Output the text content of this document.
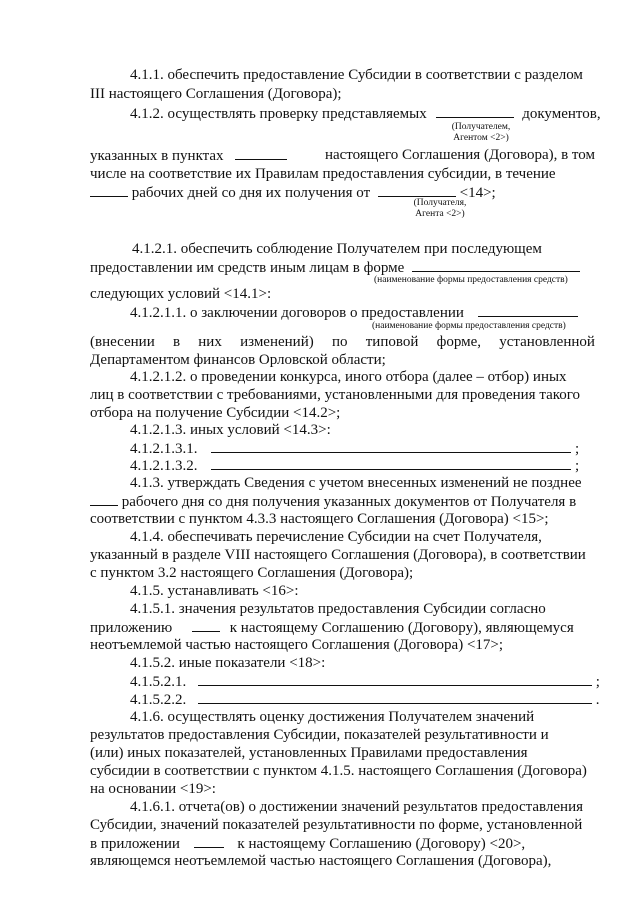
4.1.1. обеспечить предоставление Субсидии в соответствии с разделом
III настоящего Соглашения (Договора);
4.1.2. осуществлять проверку представляемых	документов,
(Получателем,
Агентом <2>)
указанных в пунктах	настоящего Соглашения (Договора), в том
числе на соответствие их Правилам предоставления субсидии, в течение
рабочих дней со дня их получения от	<14>;
(Получателя,
Агента <2>)
4.1.2.1. обеспечить соблюдение Получателем при последующем
предоставлении им средств иным лицам в форме
(наименование формы предоставления средств)
следующих условий <14.1>:
4.1.2.1.1. о заключении договоров о предоставлении
(наименование формы предоставления средств)
(внесении в них изменений) по типовой форме, установленной
Департаментом финансов Орловской области;
4.1.2.1.2. о проведении конкурса, иного отбора (далее – отбор) иных
лиц в соответствии с требованиями, установленными для проведения такого
отбора на получение Субсидии <14.2>;
4.1.2.1.3. иных условий <14.3>:
4.1.2.1.3.1.	;
4.1.2.1.3.2.	;
4.1.3. утверждать Сведения с учетом внесенных изменений не позднее
рабочего дня со дня получения указанных документов от Получателя в
соответствии с пунктом 4.3.3 настоящего Соглашения (Договора) <15>;
4.1.4. обеспечивать перечисление Субсидии на счет Получателя,
указанный в разделе VIII настоящего Соглашения (Договора), в соответствии
с пунктом 3.2 настоящего Соглашения (Договора);
4.1.5. устанавливать <16>:
4.1.5.1. значения результатов предоставления Субсидии согласно
приложению	к настоящему Соглашению (Договору), являющемуся
неотъемлемой частью настоящего Соглашения (Договора) <17>;
4.1.5.2. иные показатели <18>:
4.1.5.2.1.	;
4.1.5.2.2.	.
4.1.6. осуществлять оценку достижения Получателем значений
результатов предоставления Субсидии, показателей результативности и
(или) иных показателей, установленных Правилами предоставления
субсидии в соответствии с пунктом 4.1.5. настоящего Соглашения (Договора)
на основании <19>:
4.1.6.1. отчета(ов) о достижении значений результатов предоставления
Субсидии, значений показателей результативности по форме, установленной
в приложении	к настоящему Соглашению (Договору) <20>,
являющемся неотъемлемой частью настоящего Соглашения (Договора),
